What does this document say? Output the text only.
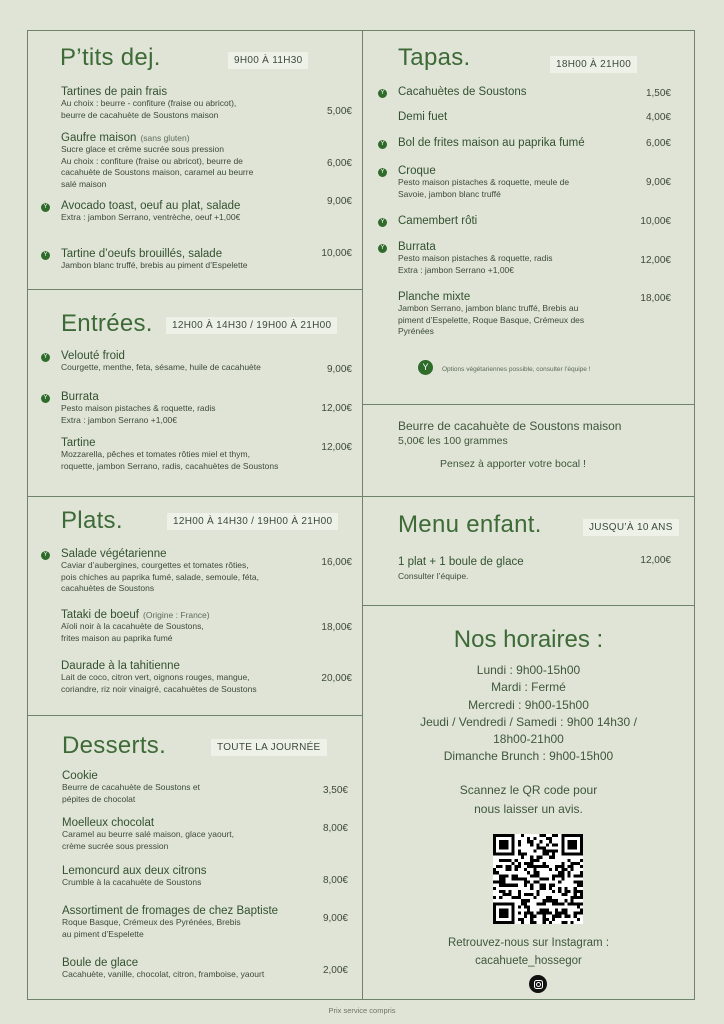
P’tits dej.	9H00 À 11H30
Tartines de pain frais
Au choix : beurre - confiture (fraise ou abricot),
beurre de cacahuète de Soustons maison	5,00€
Gaufre maison (sans gluten)
Sucre glace et crème sucrée sous pression
Au choix : confiture (fraise ou abricot), beurre de
cacahuète de Soustons maison, caramel au beurre
salé maison
6,00€
Y Avocado toast, oeuf au plat, salade
Extra : jambon Serrano, ventrèche, oeuf +1,00€
9,00€
Y Tartine d’oeufs brouillés, salade
Jambon blanc truffé, brebis au piment d’Espelette
10,00€
Entrées.	12H00 À 14H30 / 19H00 À 21H00
Y Velouté froid
Courgette, menthe, feta, sésame, huile de cacahuète	9,00€
Y Burrata
Pesto maison pistaches & roquette, radis
Extra : jambon Serrano +1,00€
12,00€
Tartine
Mozzarella, pêches et tomates rôties miel et thym,
roquette, jambon Serrano, radis, cacahuètes de Soustons
12,00€
Plats.	12H00 À 14H30 / 19H00 À 21H00
Y Salade végétarienne
Caviar d’aubergines, courgettes et tomates rôties,
pois chiches au paprika fumé, salade, semoule, féta,
cacahuètes de Soustons
16,00€
Tataki de boeuf (Origine : France)
Aïoli noir à la cacahuète de Soustons,
frites maison au paprika fumé
18,00€
Daurade à la tahitienne
Lait de coco, citron vert, oignons rouges, mangue,
coriandre, riz noir vinaigré, cacahuètes de Soustons
20,00€
Desserts.	TOUTE LA JOURNÉE
Cookie
Beurre de cacahuète de Soustons et
pépites de chocolat
3,50€
Moelleux chocolat
Caramel au beurre salé maison, glace yaourt,
crème sucrée sous pression
8,00€
Lemoncurd aux deux citrons
Crumble à la cacahuète de Soustons	8,00€
Assortiment de fromages de chez Baptiste
Roque Basque, Crémeux des Pyrénées, Brebis
au piment d’Espelette
9,00€
Boule de glace
Cacahuète, vanille, chocolat, citron, framboise, yaourt	2,00€
Tapas.	18H00 À 21H00
Y Cacahuètes de Soustons	1,50€
Demi fuet	4,00€
Y Bol de frites maison au paprika fumé	6,00€
Y Croque
Pesto maison pistaches & roquette, meule de
Savoie, jambon blanc truffé
9,00€
Y Camembert rôti	10,00€
Y Burrata
Pesto maison pistaches & roquette, radis
Extra : jambon Serrano +1,00€
12,00€
Planche mixte
Jambon Serrano, jambon blanc truffé, Brebis au
piment d’Espelette, Roque Basque, Crémeux des
Pyrénées
18,00€
Y	Options végétariennes possible, consulter l’équipe !
Beurre de cacahuète de Soustons maison
5,00€ les 100 grammes
Pensez à apporter votre bocal !
Menu enfant.	JUSQU’À 10 ANS
1 plat + 1 boule de glace
Consulter l’équipe.
12,00€
Nos horaires :
Lundi : 9h00-15h00
Mardi : Fermé
Mercredi : 9h00-15h00
Jeudi / Vendredi / Samedi : 9h00 14h30 /
18h00-21h00
Dimanche Brunch : 9h00-15h00
Scannez le QR code pour
nous laisser un avis.
Retrouvez-nous sur Instagram :
cacahuete_hossegor
Prix service compris
